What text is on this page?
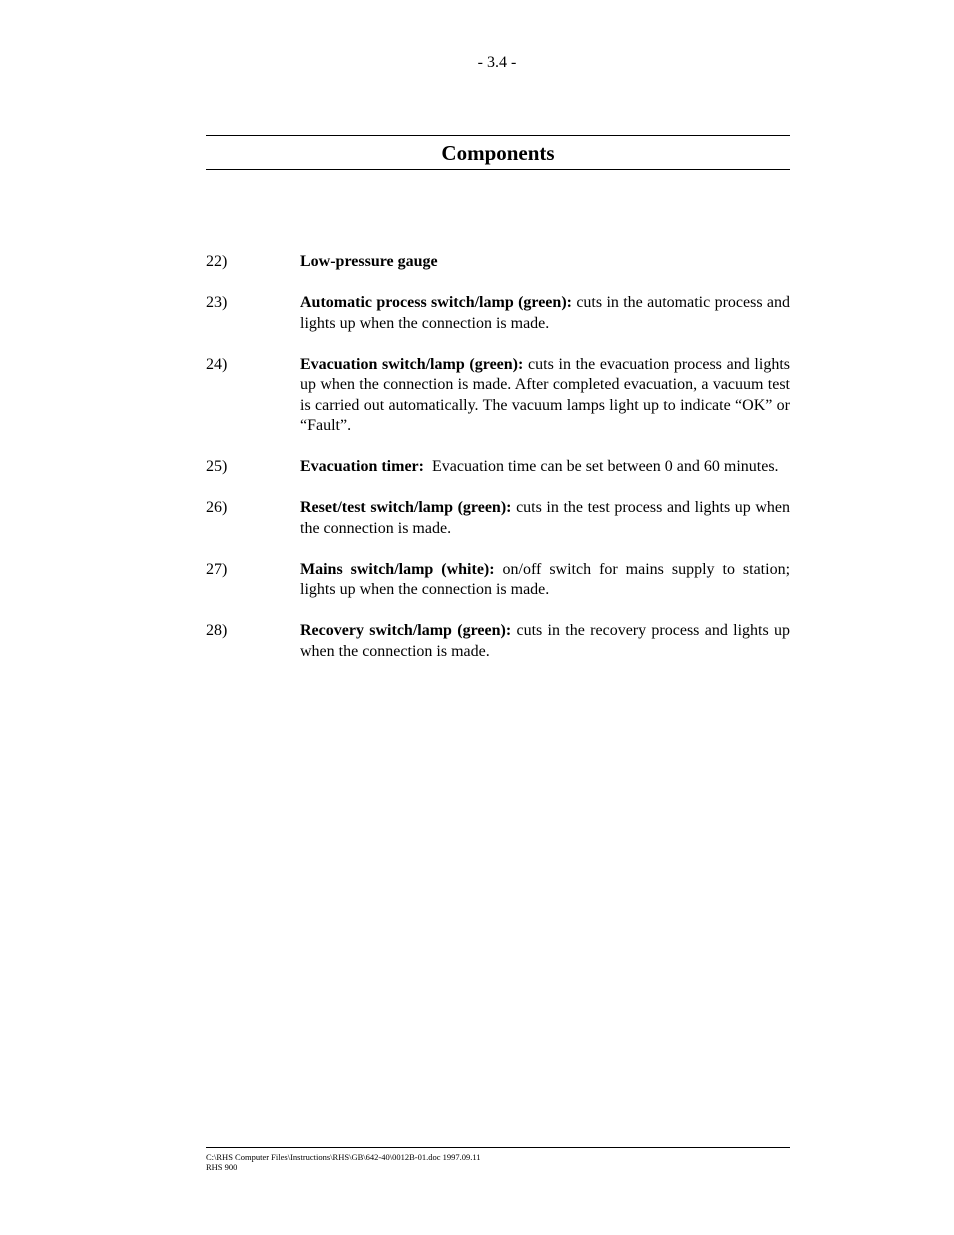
- 3.4 -
Components
22)	Low-pressure gauge
23)	Automatic process switch/lamp (green): cuts in the automatic process and lights up when the connection is made.
24)	Evacuation switch/lamp (green): cuts in the evacuation process and lights up when the connection is made. After completed evacuation, a vacuum test is carried out automatically. The vacuum lamps light up to indicate “OK” or “Fault”.
25)	Evacuation timer:  Evacuation time can be set between 0 and 60 minutes.
26)	Reset/test switch/lamp (green): cuts in the test process and lights up when the connection is made.
27)	Mains switch/lamp (white): on/off switch for mains supply to station; lights up when the connection is made.
28)	Recovery switch/lamp (green): cuts in the recovery process and lights up when the connection is made.
C:\RHS Computer Files\Instructions\RHS\GB\642-40\0012B-01.doc 1997.09.11
RHS 900
